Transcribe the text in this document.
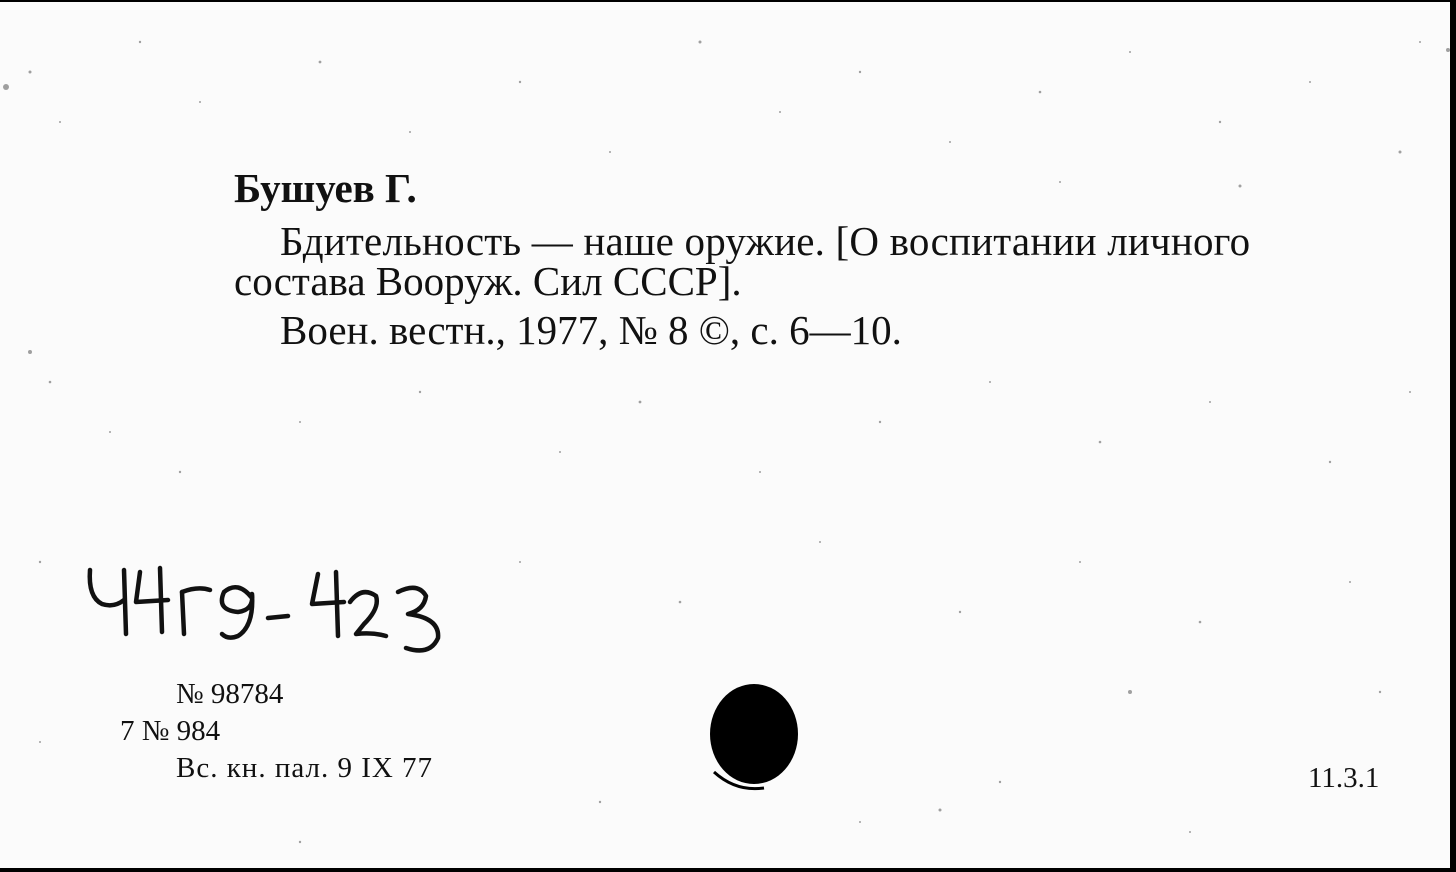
Бушуев Г.
Бдительность — наше оружие. [О воспитании личного
состава Вооруж. Сил СССР].
Воен. вестн., 1977, № 8 ©, с. 6—10.
№ 98784
7 № 984
Вс. кн. пал. 9 IX 77	11.3.1
